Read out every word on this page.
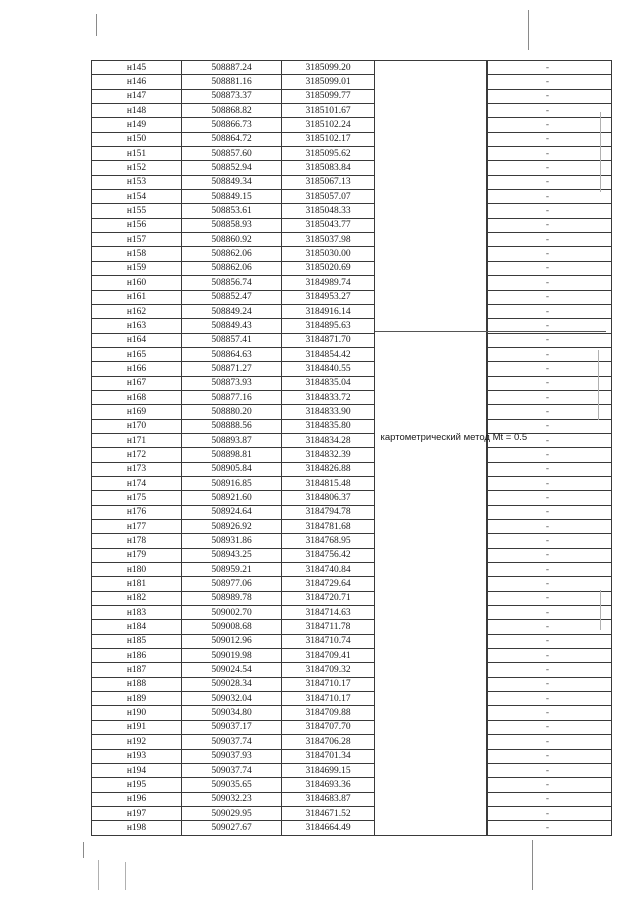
н145	508887.24	3185099.20	картометрический метод Mt = 0.5		-
н146	508881.16	3185099.01		-
н147	508873.37	3185099.77		-
н148	508868.82	3185101.67		-
н149	508866.73	3185102.24		-
н150	508864.72	3185102.17		-
н151	508857.60	3185095.62		-
н152	508852.94	3185083.84		-
н153	508849.34	3185067.13		-
н154	508849.15	3185057.07		-
н155	508853.61	3185048.33		-
н156	508858.93	3185043.77		-
н157	508860.92	3185037.98		-
н158	508862.06	3185030.00		-
н159	508862.06	3185020.69		-
н160	508856.74	3184989.74		-
н161	508852.47	3184953.27		-
н162	508849.24	3184916.14		-
н163	508849.43	3184895.63		-
н164	508857.41	3184871.70		-
н165	508864.63	3184854.42		-
н166	508871.27	3184840.55		-
н167	508873.93	3184835.04		-
н168	508877.16	3184833.72		-
н169	508880.20	3184833.90		-
н170	508888.56	3184835.80		-
н171	508893.87	3184834.28		-
н172	508898.81	3184832.39		-
н173	508905.84	3184826.88		-
н174	508916.85	3184815.48		-
н175	508921.60	3184806.37		-
н176	508924.64	3184794.78		-
н177	508926.92	3184781.68		-
н178	508931.86	3184768.95		-
н179	508943.25	3184756.42		-
н180	508959.21	3184740.84		-
н181	508977.06	3184729.64		-
н182	508989.78	3184720.71		-
н183	509002.70	3184714.63		-
н184	509008.68	3184711.78		-
н185	509012.96	3184710.74		-
н186	509019.98	3184709.41		-
н187	509024.54	3184709.32		-
н188	509028.34	3184710.17		-
н189	509032.04	3184710.17		-
н190	509034.80	3184709.88		-
н191	509037.17	3184707.70		-
н192	509037.74	3184706.28		-
н193	509037.93	3184701.34		-
н194	509037.74	3184699.15		-
н195	509035.65	3184693.36		-
н196	509032.23	3184683.87		-
н197	509029.95	3184671.52		-
н198	509027.67	3184664.49		-
